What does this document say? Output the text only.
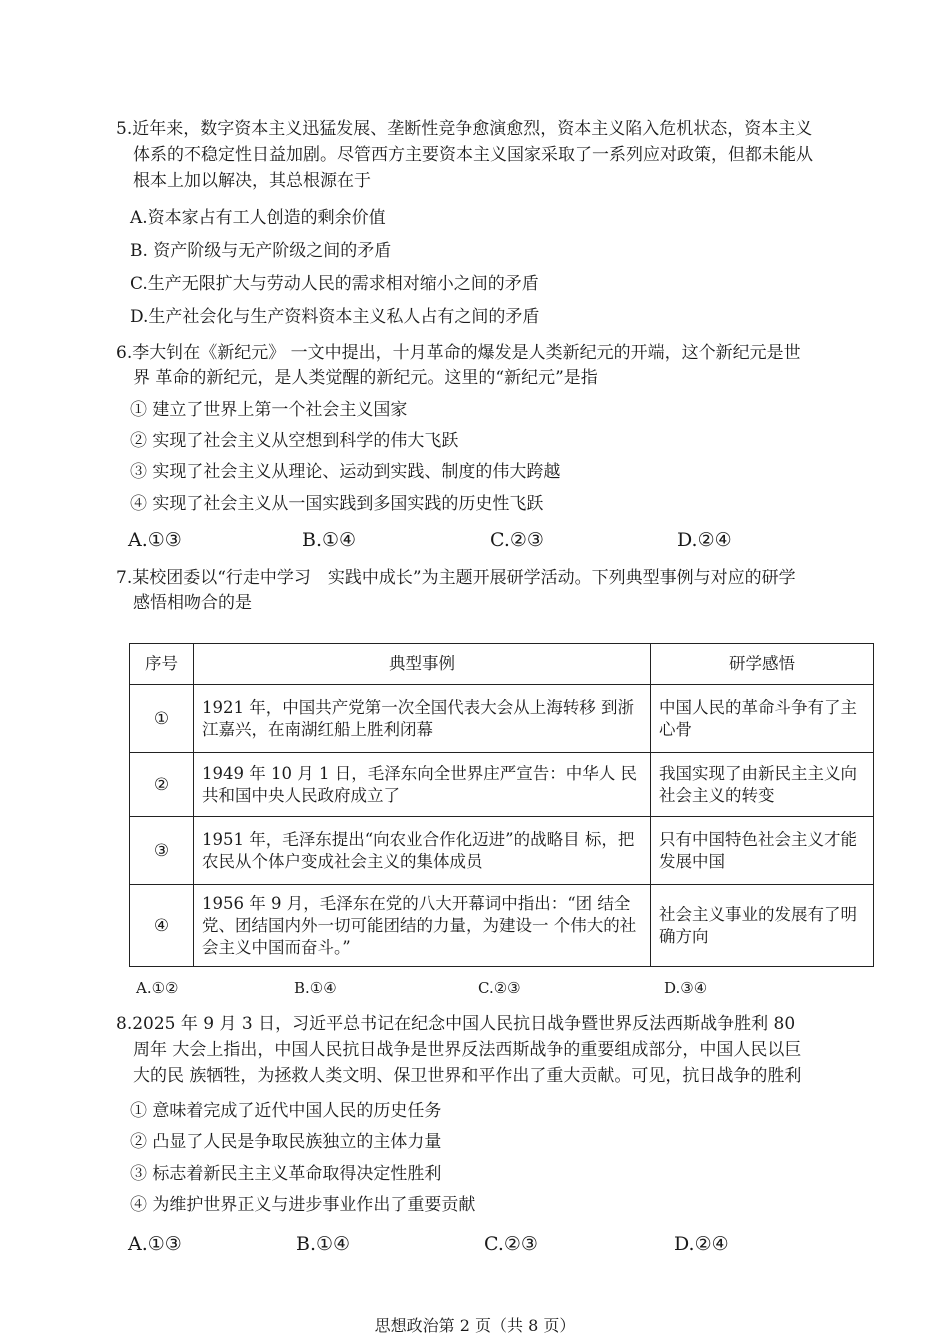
5.近年来，数字资本主义迅猛发展、垄断性竞争愈演愈烈，资本主义陷入危机状态，资本主义
体系的不稳定性日益加剧。尽管西方主要资本主义国家采取了一系列应对政策，但都未能从
根本上加以解决，其总根源在于
A.资本家占有工人创造的剩余价值
B. 资产阶级与无产阶级之间的矛盾
C.生产无限扩大与劳动人民的需求相对缩小之间的矛盾
D.生产社会化与生产资料资本主义私人占有之间的矛盾
6.李大钊在《新纪元》 一文中提出，十月革命的爆发是人类新纪元的开端，这个新纪元是世
界 革命的新纪元，是人类觉醒的新纪元。这里的“新纪元”是指
① 建立了世界上第一个社会主义国家
② 实现了社会主义从空想到科学的伟大飞跃
③ 实现了社会主义从理论、运动到实践、制度的伟大跨越
④ 实现了社会主义从一国实践到多国实践的历史性飞跃
A.①③	B.①④	C.②③	D.②④
7.某校团委以“行走中学习　实践中成长”为主题开展研学活动。下列典型事例与对应的研学
感悟相吻合的是
序号	典型事例	研学感悟
①	1921 年，中国共产党第一次全国代表大会从上海转移 到浙江嘉兴，在南湖红船上胜利闭幕	中国人民的革命斗争有了主心骨
②	1949 年 10 月 1 日，毛泽东向全世界庄严宣告：中华人 民共和国中央人民政府成立了	我国实现了由新民主主义向社会主义的转变
③	1951 年，毛泽东提出“向农业合作化迈进”的战略目 标，把农民从个体户变成社会主义的集体成员	只有中国特色社会主义才能发展中国
④	1956 年 9 月，毛泽东在党的八大开幕词中指出：“团 结全党、团结国内外一切可能团结的力量，为建设一 个伟大的社会主义中国而奋斗。”	社会主义事业的发展有了明确方向
A.①②	B.①④	C.②③	D.③④
8.2025 年 9 月 3 日，习近平总书记在纪念中国人民抗日战争暨世界反法西斯战争胜利 80
周年 大会上指出，中国人民抗日战争是世界反法西斯战争的重要组成部分，中国人民以巨
大的民 族牺牲，为拯救人类文明、保卫世界和平作出了重大贡献。可见，抗日战争的胜利
① 意味着完成了近代中国人民的历史任务
② 凸显了人民是争取民族独立的主体力量
③ 标志着新民主主义革命取得决定性胜利
④ 为维护世界正义与进步事业作出了重要贡献
A.①③	B.①④	C.②③	D.②④
思想政治第 2 页（共 8 页）
